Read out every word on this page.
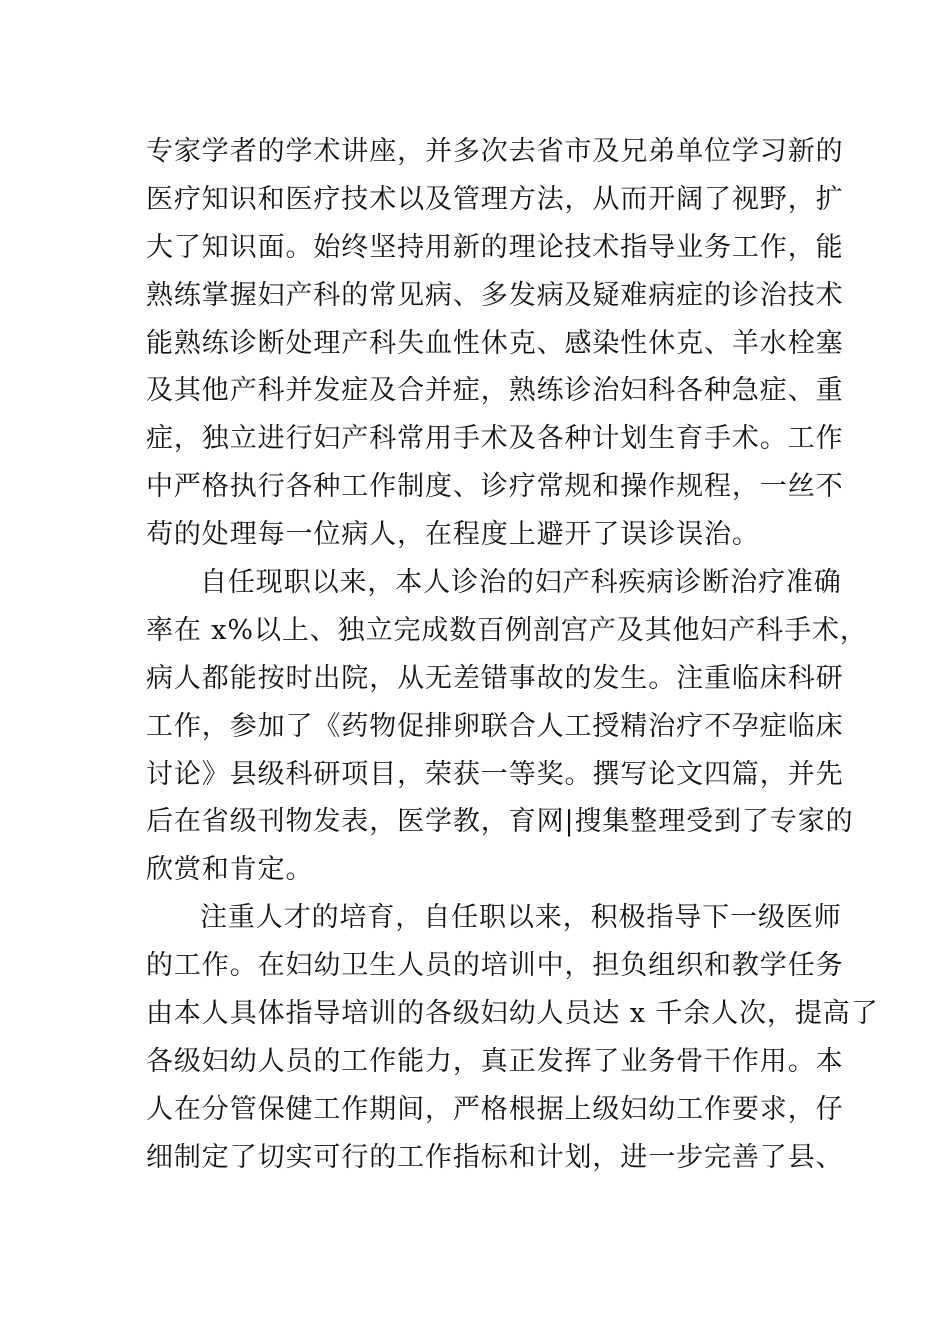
专家学者的学术讲座，并多次去省市及兄弟单位学习新的
医疗知识和医疗技术以及管理方法，从而开阔了视野，扩
大了知识面。始终坚持用新的理论技术指导业务工作，能
熟练掌握妇产科的常见病、多发病及疑难病症的诊治技术
能熟练诊断处理产科失血性休克、感染性休克、羊水栓塞
及其他产科并发症及合并症，熟练诊治妇科各种急症、重
症，独立进行妇产科常用手术及各种计划生育手术。工作
中严格执行各种工作制度、诊疗常规和操作规程，一丝不
苟的处理每一位病人，在程度上避开了误诊误治。
自任现职以来，本人诊治的妇产科疾病诊断治疗准确
率在 x%以上、独立完成数百例剖宫产及其他妇产科手术，
病人都能按时出院，从无差错事故的发生。注重临床科研
工作，参加了《药物促排卵联合人工授精治疗不孕症临床
讨论》县级科研项目，荣获一等奖。撰写论文四篇，并先
后在省级刊物发表，医学教，育网|搜集整理受到了专家的
欣赏和肯定。
注重人才的培育，自任职以来，积极指导下一级医师
的工作。在妇幼卫生人员的培训中，担负组织和教学任务
由本人具体指导培训的各级妇幼人员达 x 千余人次，提高了
各级妇幼人员的工作能力，真正发挥了业务骨干作用。本
人在分管保健工作期间，严格根据上级妇幼工作要求，仔
细制定了切实可行的工作指标和计划，进一步完善了县、
